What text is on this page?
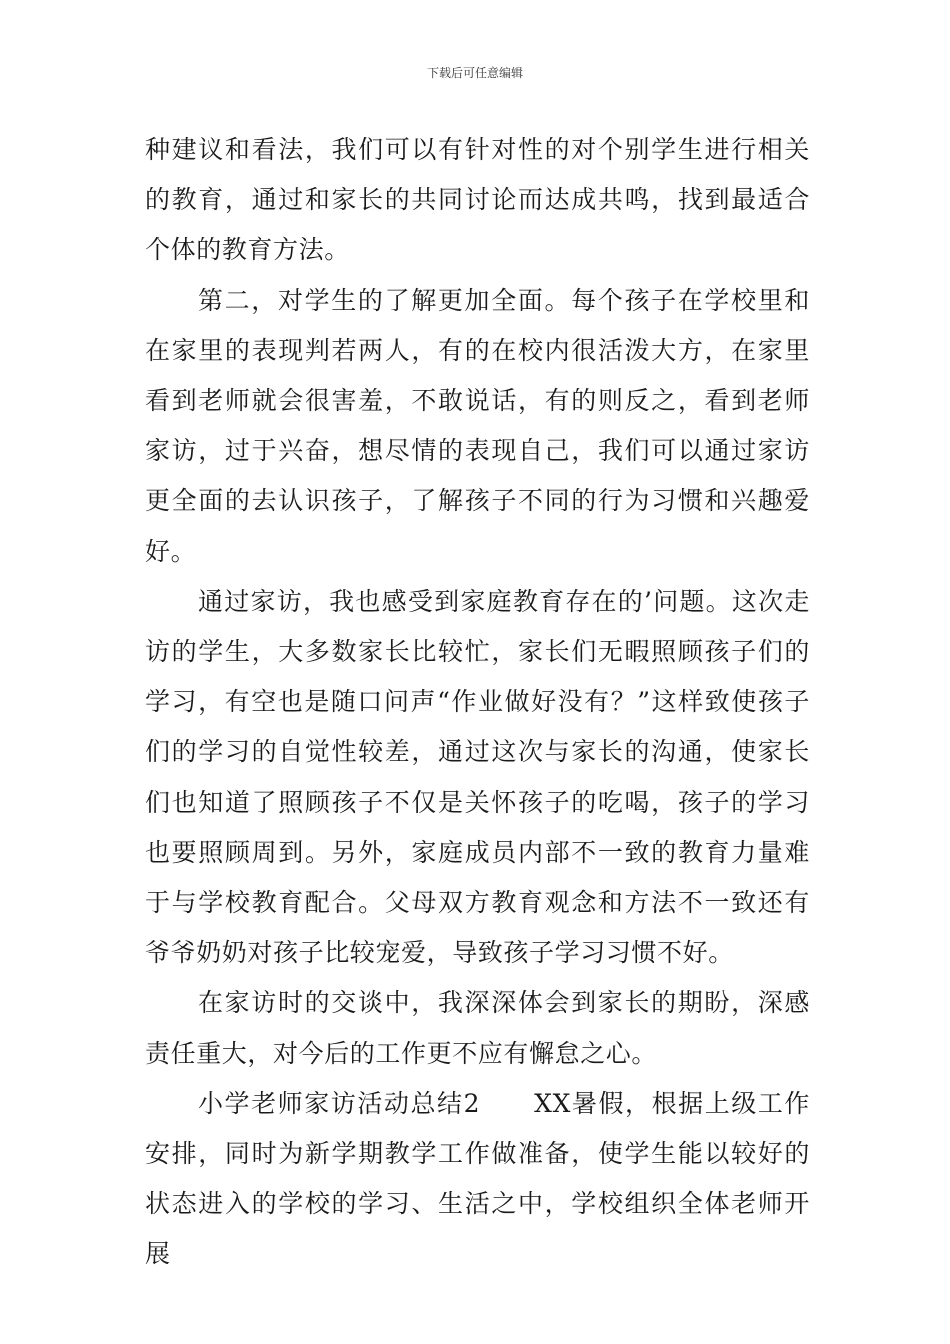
下载后可任意编辑

种建议和看法，我们可以有针对性的对个别学生进行相关的教育，通过和家长的共同讨论而达成共鸣，找到最适合个体的教育方法。

第二，对学生的了解更加全面。每个孩子在学校里和在家里的表现判若两人，有的在校内很活泼大方，在家里看到老师就会很害羞，不敢说话，有的则反之，看到老师家访，过于兴奋，想尽情的表现自己，我们可以通过家访更全面的去认识孩子，了解孩子不同的行为习惯和兴趣爱好。

通过家访，我也感受到家庭教育存在的’问题。这次走访的学生，大多数家长比较忙，家长们无暇照顾孩子们的学习，有空也是随口问声“作业做好没有？”这样致使孩子们的学习的自觉性较差，通过这次与家长的沟通，使家长们也知道了照顾孩子不仅是关怀孩子的吃喝，孩子的学习也要照顾周到。另外，家庭成员内部不一致的教育力量难于与学校教育配合。父母双方教育观念和方法不一致还有爷爷奶奶对孩子比较宠爱，导致孩子学习习惯不好。

在家访时的交谈中，我深深体会到家长的期盼，深感责任重大，对今后的工作更不应有懈怠之心。

小学老师家访活动总结2　　XX暑假，根据上级工作安排，同时为新学期教学工作做准备，使学生能以较好的状态进入的学校的学习、生活之中，学校组织全体老师开展
